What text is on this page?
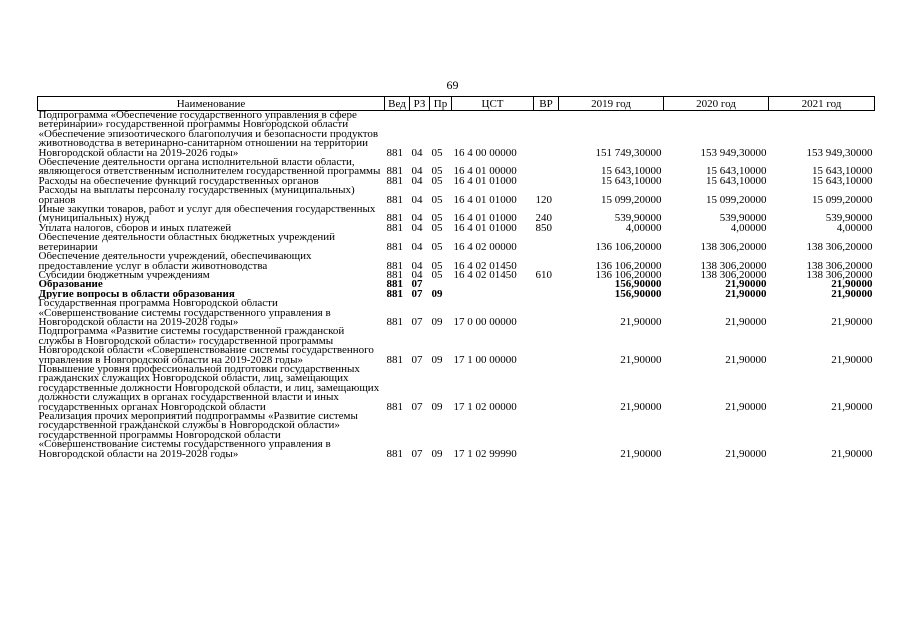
69
Наименование	Вед	РЗ	Пр	ЦСТ	ВР	2019 год	2020 год	2021 год
Подпрограмма «Обеспечение государственного управления в сфере ветеринарии» государственной программы Новгородской области «Обеспечение эпизоотического благополучия и безопасности продуктов животноводства в ветеринарно-санитарном отношении на территории Новгородской области на 2019-2026 годы»	881	04	05	16 4 00 00000		151 749,30000	153 949,30000	153 949,30000
Обеспечение деятельности органа исполнительной власти области, являющегося ответственным исполнителем государственной программы	881	04	05	16 4 01 00000		15 643,10000	15 643,10000	15 643,10000
Расходы на обеспечение функций государственных органов	881	04	05	16 4 01 01000		15 643,10000	15 643,10000	15 643,10000
Расходы на выплаты персоналу государственных (муниципальных) органов	881	04	05	16 4 01 01000	120	15 099,20000	15 099,20000	15 099,20000
Иные закупки товаров, работ и услуг для обеспечения государственных (муниципальных) нужд	881	04	05	16 4 01 01000	240	539,90000	539,90000	539,90000
Уплата налогов, сборов и иных платежей	881	04	05	16 4 01 01000	850	4,00000	4,00000	4,00000
Обеспечение деятельности областных бюджетных учреждений ветеринарии	881	04	05	16 4 02 00000		136 106,20000	138 306,20000	138 306,20000
Обеспечение деятельности учреждений, обеспечивающих предоставление услуг в области животноводства	881	04	05	16 4 02 01450		136 106,20000	138 306,20000	138 306,20000
Субсидии бюджетным учреждениям	881	04	05	16 4 02 01450	610	136 106,20000	138 306,20000	138 306,20000
Образование	881	07				156,90000	21,90000	21,90000
Другие вопросы в области образования	881	07	09			156,90000	21,90000	21,90000
Государственная программа Новгородской области «Совершенствование системы государственного управления в Новгородской области на 2019-2028 годы»	881	07	09	17 0 00 00000		21,90000	21,90000	21,90000
Подпрограмма «Развитие системы государственной гражданской службы в Новгородской области» государственной программы Новгородской области «Совершенствование системы государственного управления в Новгородской области на 2019-2028 годы»	881	07	09	17 1 00 00000		21,90000	21,90000	21,90000
Повышение уровня профессиональной подготовки государственных гражданских служащих Новгородской области, лиц, замещающих государственные должности Новгородской области, и лиц, замещающих должности служащих в органах государственной власти и иных государственных органах Новгородской области	881	07	09	17 1 02 00000		21,90000	21,90000	21,90000
Реализация прочих мероприятий подпрограммы «Развитие системы государственной гражданской службы в Новгородской области» государственной программы Новгородской области «Совершенствование системы государственного управления в Новгородской области на 2019-2028 годы»	881	07	09	17 1 02 99990		21,90000	21,90000	21,90000
